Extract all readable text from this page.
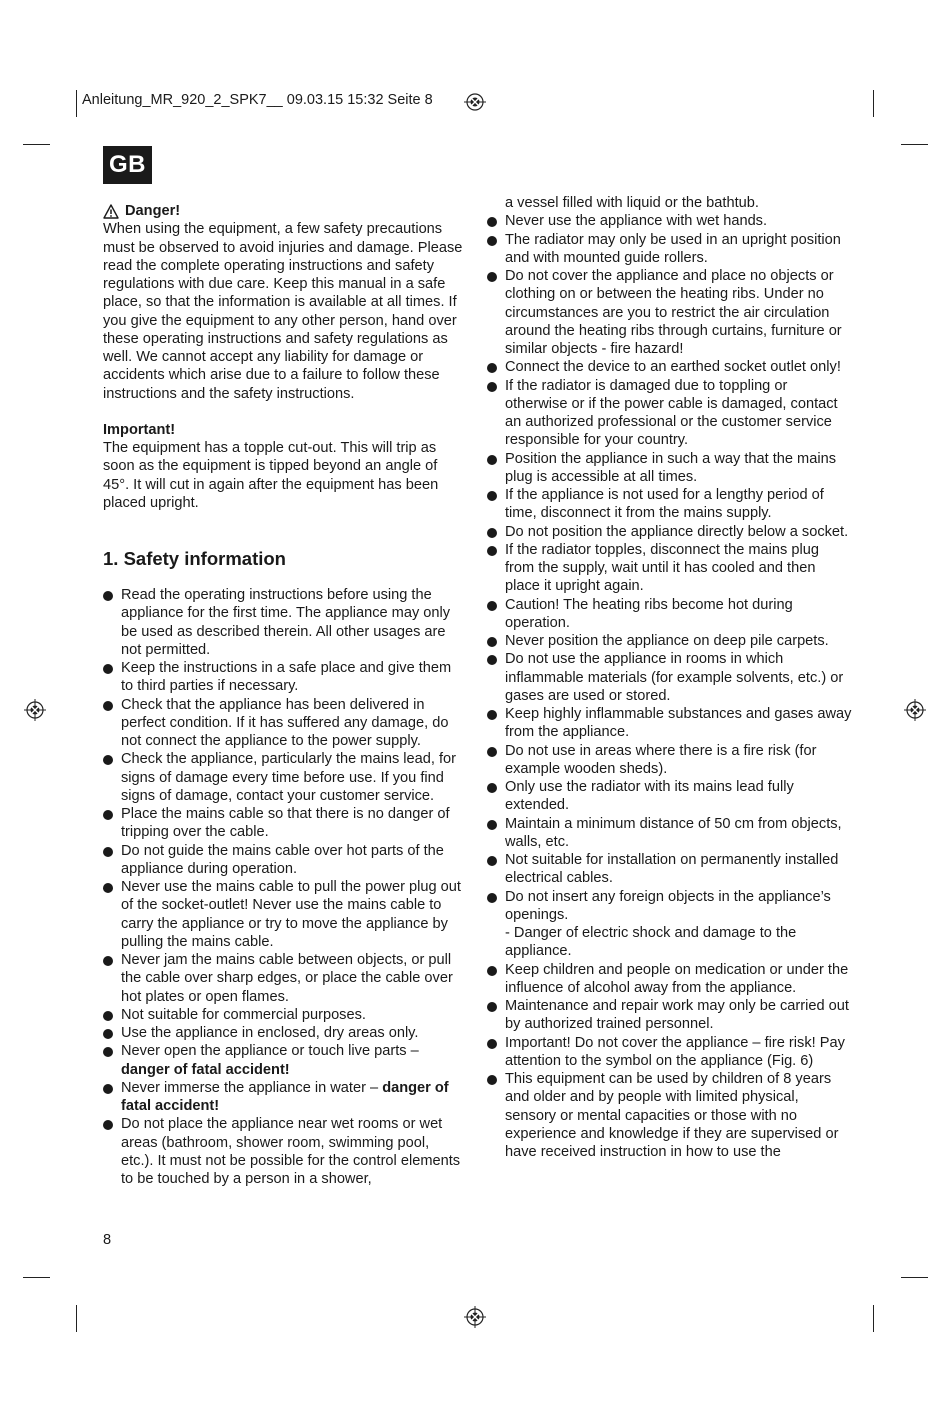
Anleitung_MR_920_2_SPK7__ 09.03.15 15:32 Seite 8
GB

Danger!

When using the equipment, a few safety precautions must be observed to avoid injuries and damage. Please read the complete operating instructions and safety regulations with due care. Keep this manual in a safe place, so that the information is available at all times. If you give the equipment to any other person, hand over these operating instructions and safety regulations as well. We cannot accept any liability for damage or accidents which arise due to a failure to follow these instructions and the safety instructions.

Important!

The equipment has a topple cut-out. This will trip as soon as the equipment is tipped beyond an angle of 45°. It will cut in again after the equipment has been placed upright.

1. Safety information
Read the operating instructions before using the appliance for the first time. The appliance may only be used as described therein. All other usages are not permitted.
Keep the instructions in a safe place and give them to third parties if necessary.
Check that the appliance has been delivered in perfect condition. If it has suffered any damage, do not connect the appliance to the power supply.
Check the appliance, particularly the mains lead, for signs of damage every time before use. If you find signs of damage, contact your customer service.
Place the mains cable so that there is no danger of tripping over the cable.
Do not guide the mains cable over hot parts of the appliance during operation.
Never use the mains cable to pull the power plug out of the socket-outlet! Never use the mains cable to carry the appliance or try to move the appliance by pulling the mains cable.
Never jam the mains cable between objects, or pull the cable over sharp edges, or place the cable over hot plates or open flames.
Not suitable for commercial purposes.
Use the appliance in enclosed, dry areas only.
Never open the appliance or touch live parts – danger of fatal accident!
Never immerse the appliance in water – danger of fatal accident!
Do not place the appliance near wet rooms or wet areas (bathroom, shower room, swimming pool, etc.). It must not be possible for the control elements to be touched by a person in a shower,

a vessel filled with liquid or the bathtub.

Never use the appliance with wet hands.
The radiator may only be used in an upright position and with mounted guide rollers.
Do not cover the appliance and place no objects or clothing on or between the heating ribs. Under no circumstances are you to restrict the air circulation around the heating ribs through curtains, furniture or similar objects - fire hazard!
Connect the device to an earthed socket outlet only!
If the radiator is damaged due to toppling or otherwise or if the power cable is damaged, contact an authorized professional or the customer service responsible for your country.
Position the appliance in such a way that the mains plug is accessible at all times.
If the appliance is not used for a lengthy period of time, disconnect it from the mains supply.
Do not position the appliance directly below a socket.
If the radiator topples, disconnect the mains plug from the supply, wait until it has cooled and then place it upright again.
Caution! The heating ribs become hot during operation.
Never position the appliance on deep pile carpets.
Do not use the appliance in rooms in which inflammable materials (for example solvents, etc.) or gases are used or stored.
Keep highly inflammable substances and gases away from the appliance.
Do not use in areas where there is a fire risk (for example wooden sheds).
Only use the radiator with its mains lead fully extended.
Maintain a minimum distance of 50 cm from objects, walls, etc.
Not suitable for installation on permanently installed electrical cables.
Do not insert any foreign objects in the appliance’s openings.

- Danger of electric shock and damage to the appliance.

Keep children and people on medication or under the influence of alcohol away from the appliance.
Maintenance and repair work may only be carried out by authorized trained personnel.
Important! Do not cover the appliance – fire risk! Pay attention to the symbol on the appliance (Fig. 6)
This equipment can be used by children of 8 years and older and by people with limited physical, sensory or mental capacities or those with no experience and knowledge if they are supervised or have received instruction in how to use the
8
